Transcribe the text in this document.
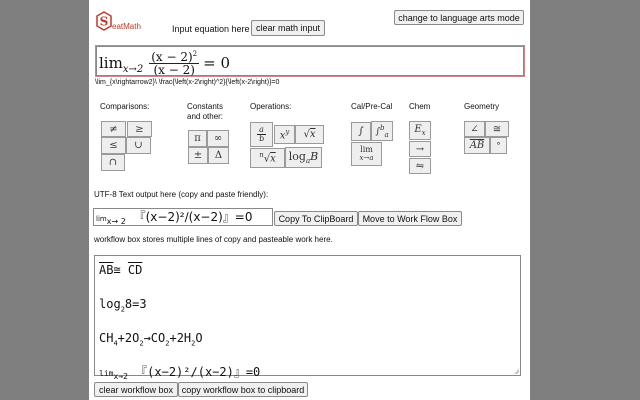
S eatMath	Input equation here clear math input
change to language arts mode
$\lim x\to 2 \frac{(x - 2)^2}{(x - 2)} = 0$
\lim_{x\rightarrow2}\ \frac{\left(x-2\right)^2}{\left(x-2\right)}=0
Comparisons:	Constants
and other:
Operations:	Cal/Pre-Cal Chem	Geometry
≠ ≥
≤ ∪
∩
π ∞
± Δ
$\frac{a}{b} x^y$ √x
$^n$√x $\log_aB$
∫ ∫$^b_a$
lim
x→a
$E_x$
→
⇋
∠ ≅
$\overline{AB}$ °
UTF-8 Text output here (copy and paste friendly):
$\lim_{x\to 2}$ 『(x−2)²∕(x−2)』=0	Copy To ClipBoard	Move to Work Flow Box
workflow box stores multiple lines of copy and pasteable work here.
$\overline{AB}≅$ $\overline{CD}$
$\log_28=3$
$CH_4+2O_2\to CO_2+2H_2O$
$\lim_{x\to 2}$ 『(x−2)²∕(x−2)』=0
clear workflow box copy workflow box to clipboard
